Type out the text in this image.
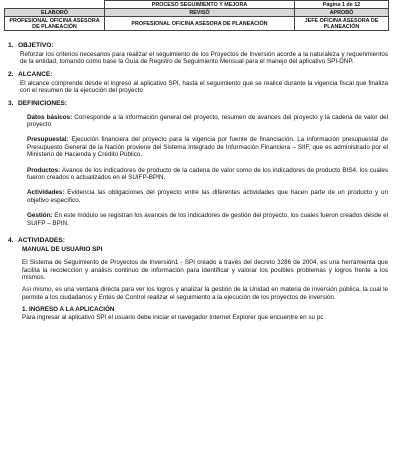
	PROCESO SEGUIMIENTO Y MEJORA	Página 1 de 12
ELABORÓ	REVISÓ	APROBÓ
PROFESIONAL OFICINA ASESORA DE PLANEACIÓN	PROFESIONAL OFICINA ASESORA DE PLANEACIÓN	JEFE OFICINA ASESORA DE PLANEACIÓN
1. OBJETIVO:

Reforzar los criterios necesarios para realizar el seguimiento de los Proyectos de Inversión acorde a la naturaleza y requerimientos de la entidad, tomando como base la Guía de Registro de Seguimiento Mensual para el manejo del aplicativo SPI-DNP.

2. ALCANCE:

El alcance comprende desde el ingreso al aplicativo SPI, hasta el seguimiento que se realice durante la vigencia fiscal que finaliza con el resumen de la ejecución del proyecto

3. DEFINICIONES:

Datos básicos: Corresponde a la información general del proyecto, resumen de avances del proyecto y la cadena de valor del proyecto

Presupuestal: Ejecución financiera del proyecto para la vigencia por fuente de financiación. La información presupuestal de Presupuesto General de la Nación proviene del Sistema Integrado de Información Financiera – SIIF, que es administrado por el Ministerio de Hacienda y Crédito Público.

Productos: Avance de los indicadores de producto de la cadena de valor como de los indicadores de producto BIS4, los cuales fueron creados o actualizados en el SUIFP-BPIN.

Actividades: Evidencia las obligaciones del proyecto entre las diferentes actividades que hacen parte de un producto y un objetivo específico.

Gestión: En este módulo se registran los avances de los indicadores de gestión del proyecto, los cuales fueron creados desde el SUIFP – BPIN.

4. ACTIVIDADES:
MANUAL DE USUARIO SPI

El Sistema de Seguimiento de Proyectos de Inversión1 - SPI creado a través del decreto 3286 de 2004, es una herramienta que facilita la recolección y análisis continuo de información para identificar y valorar los posibles problemas y logros frente a los mismos.

Así mismo, es una ventana directa para ver los logros y analizar la gestión de la Unidad en materia de inversión pública, la cual le permite a los ciudadanos y Entes de Control realizar el seguimiento a la ejecución de los proyectos de inversión.

1. INGRESO A LA APLICACIÓN

Para ingresar al aplicativo SPI el usuario debe iniciar el navegador Internet Explorer que encuentre en su pc
